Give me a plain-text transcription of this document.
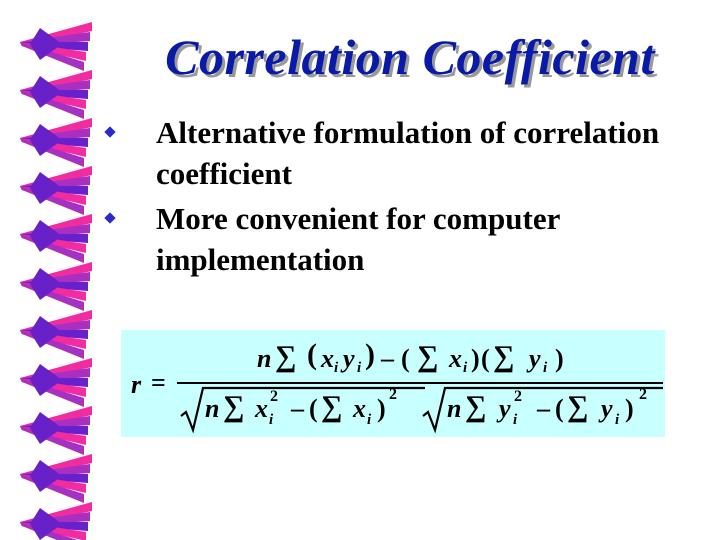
Correlation Coefficient
Alternative formulation of correlation coefficient
More convenient for computer implementation
r =
n ∑ ( x i y i ) – ( ∑ x i ) ( ∑ y i )
n ∑ x 2
i – ( ∑ x i ) 2 n ∑ y 2
i – ( ∑ y i ) 2
